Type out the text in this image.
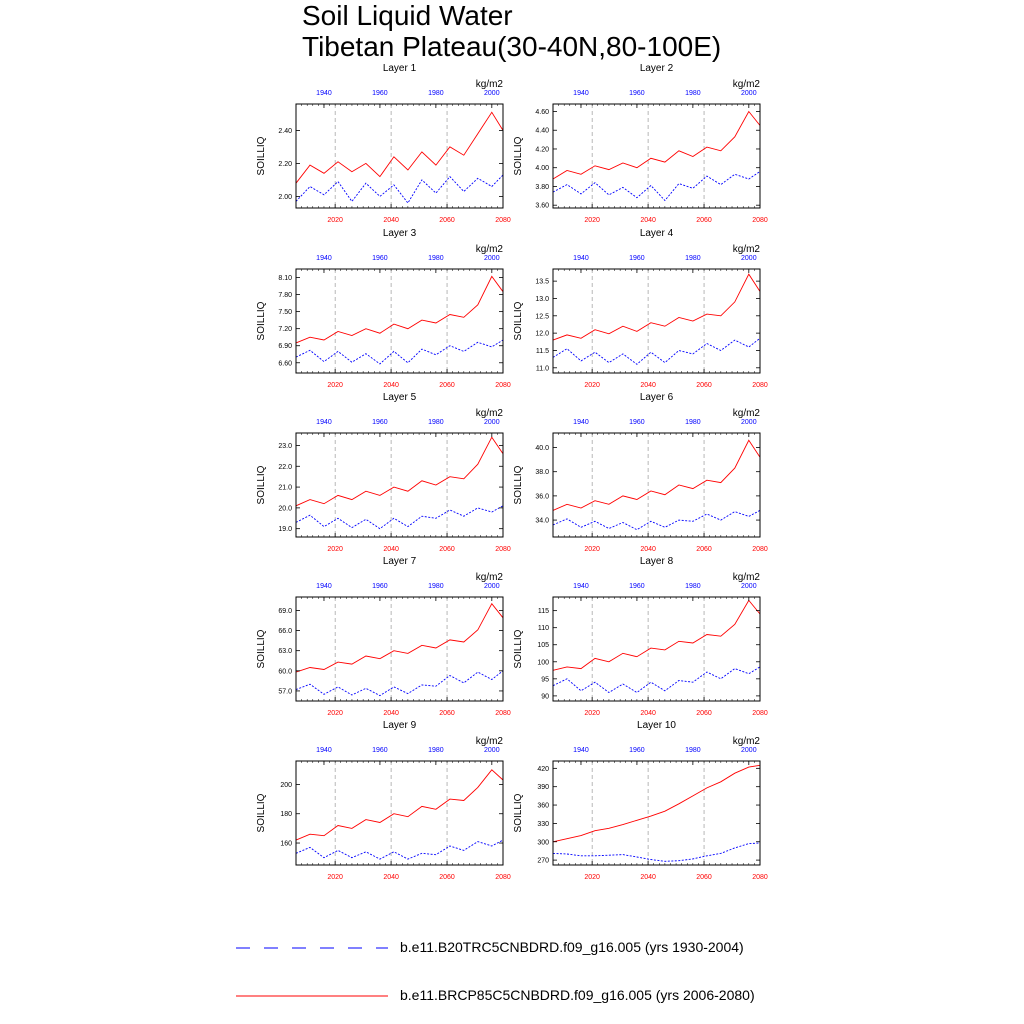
Soil Liquid Water
Tibetan Plateau(30-40N,80-100E)
Layer 1
kg/m2
SOILLIQ
2.00
2.20
2.40
2020	2040	2060	2080
1940	1960	1980	2000
Layer 2
kg/m2
SOILLIQ
3.60
3.80
4.00
4.20
4.40
4.60
2020	2040	2060	2080
1940	1960	1980	2000
Layer 3
kg/m2
SOILLIQ
6.60
6.90
7.20
7.50
7.80
8.10
2020	2040	2060	2080
1940	1960	1980	2000
Layer 4
kg/m2
SOILLIQ
11.0
11.5
12.0
12.5
13.0
13.5
2020	2040	2060	2080
1940	1960	1980	2000
Layer 5
kg/m2
SOILLIQ
19.0
20.0
21.0
22.0
23.0
2020	2040	2060	2080
1940	1960	1980	2000
Layer 6
kg/m2
SOILLIQ
34.0
36.0
38.0
40.0
2020	2040	2060	2080
1940	1960	1980	2000
Layer 7
kg/m2
SOILLIQ
57.0
60.0
63.0
66.0
69.0
2020	2040	2060	2080
1940	1960	1980	2000
Layer 8
kg/m2
SOILLIQ
90
95
100
105
110
115
2020	2040	2060	2080
1940	1960	1980	2000
Layer 9
kg/m2
SOILLIQ
160
180
200
2020	2040	2060	2080
1940	1960	1980	2000
Layer 10
kg/m2
SOILLIQ
270
300
330
360
390
420
2020	2040	2060	2080
1940	1960	1980	2000
b.e11.B20TRC5CNBDRD.f09_g16.005 (yrs 1930-2004)
b.e11.BRCP85C5CNBDRD.f09_g16.005 (yrs 2006-2080)
